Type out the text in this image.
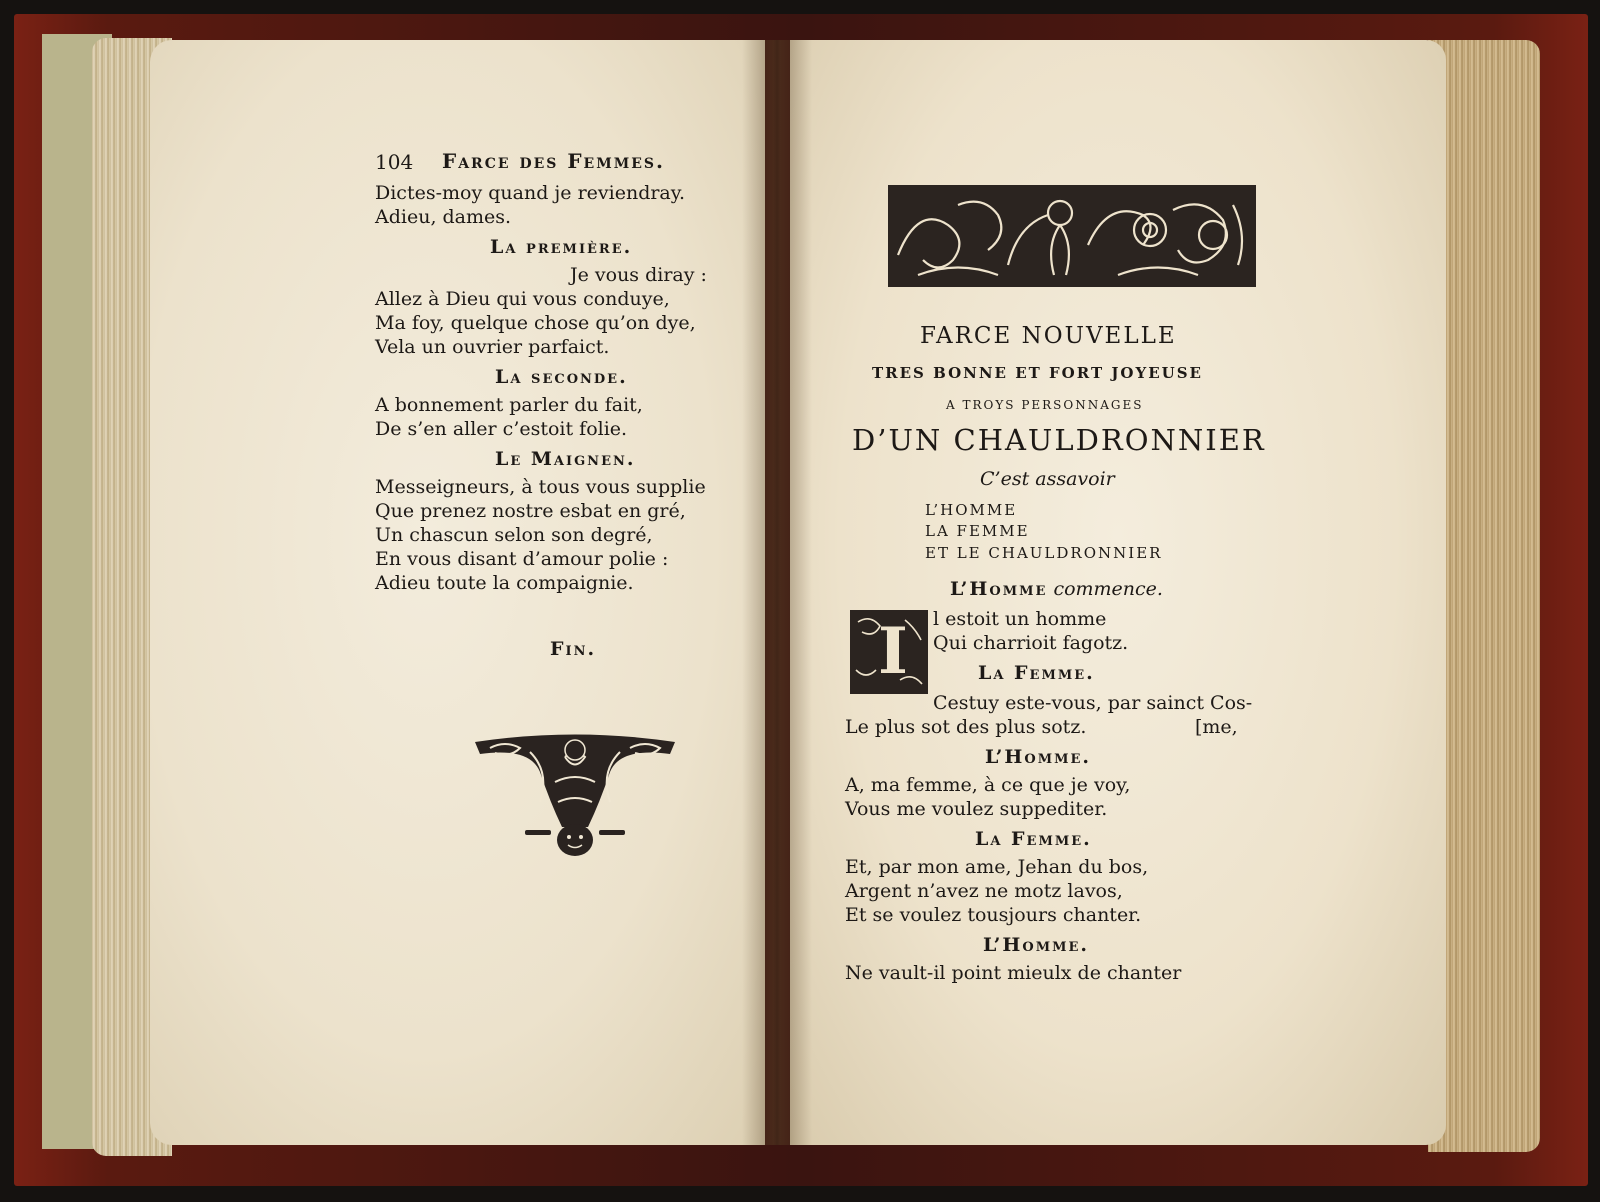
104 Farce des Femmes.
Dictes-moy quand je reviendray.
Adieu, dames.
La première.
Je vous diray :
Allez à Dieu qui vous conduye,
Ma foy, quelque chose qu’on dye,
Vela un ouvrier parfaict.
La seconde.
A bonnement parler du fait,
De s’en aller c’estoit folie.
Le Maignen.
Messeigneurs, à tous vous supplie
Que prenez nostre esbat en gré,
Un chascun selon son degré,
En vous disant d’amour polie :
Adieu toute la compaignie.
Fin.
FARCE NOUVELLE
TRES BONNE ET FORT JOYEUSE
A TROYS PERSONNAGES
D’UN CHAULDRONNIER
C’est assavoir
L’HOMME
LA FEMME
ET LE CHAULDRONNIER
L’Homme commence.
I l estoit un homme
Qui charrioit fagotz.
La Femme.
Cestuy este-vous, par sainct Cos-
Le plus sot des plus sotz.	[me,
L’Homme.
A, ma femme, à ce que je voy,
Vous me voulez suppediter.
La Femme.
Et, par mon ame, Jehan du bos,
Argent n’avez ne motz lavos,
Et se voulez tousjours chanter.
L’Homme.
Ne vault-il point mieulx de chanter
